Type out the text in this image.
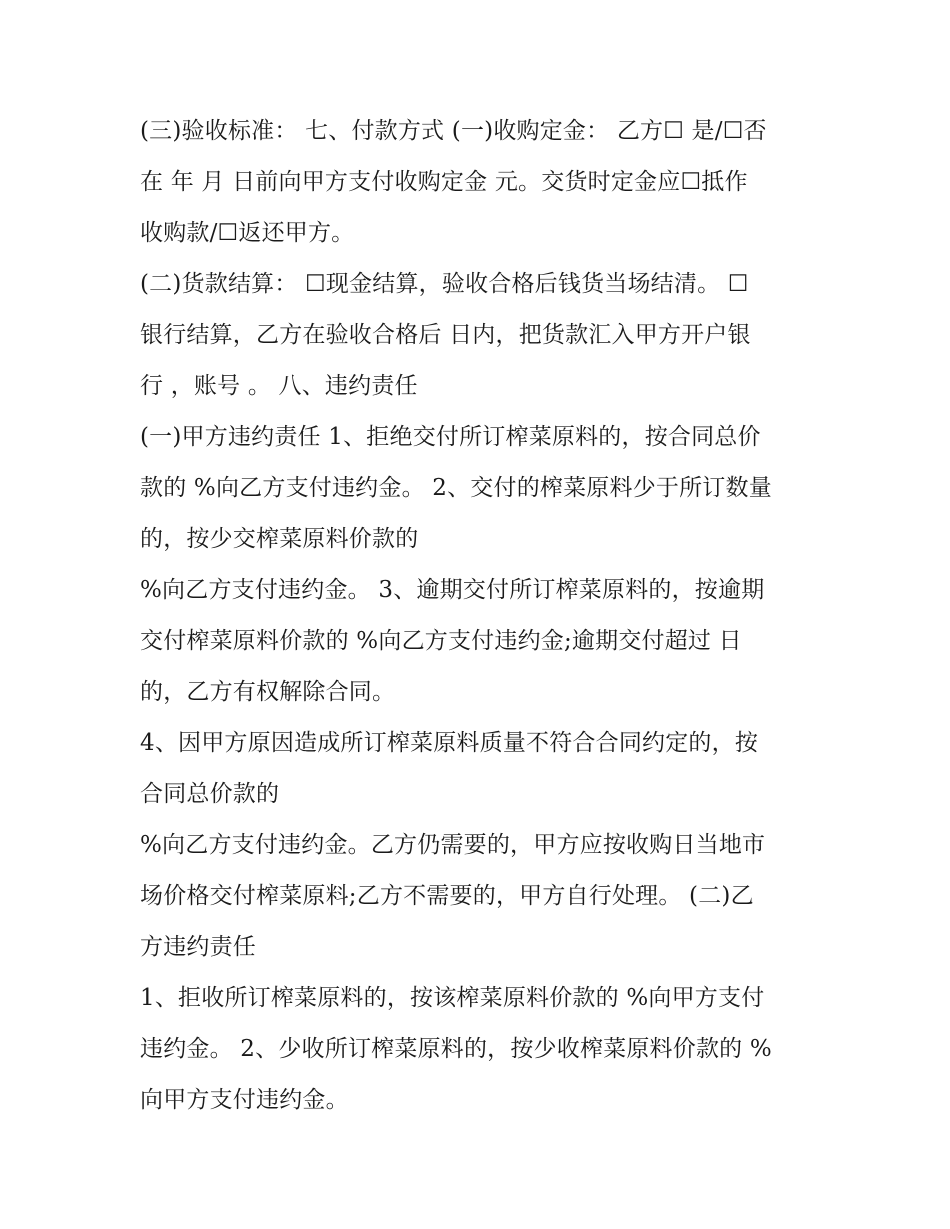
(三)验收标准： 七、付款方式 (一)收购定金： 乙方☐ 是/☐否
在 年 月 日前向甲方支付收购定金 元。交货时定金应☐抵作
收购款/☐返还甲方。
(二)货款结算： ☐现金结算，验收合格后钱货当场结清。 ☐
银行结算，乙方在验收合格后 日内，把货款汇入甲方开户银
行 ，账号 。 八、违约责任
(一)甲方违约责任 1、拒绝交付所订榨菜原料的，按合同总价
款的 %向乙方支付违约金。 2、交付的榨菜原料少于所订数量
的，按少交榨菜原料价款的
%向乙方支付违约金。 3、逾期交付所订榨菜原料的，按逾期
交付榨菜原料价款的 %向乙方支付违约金;逾期交付超过 日
的，乙方有权解除合同。
4、因甲方原因造成所订榨菜原料质量不符合合同约定的，按
合同总价款的
%向乙方支付违约金。乙方仍需要的，甲方应按收购日当地市
场价格交付榨菜原料;乙方不需要的，甲方自行处理。 (二)乙
方违约责任
1、拒收所订榨菜原料的，按该榨菜原料价款的 %向甲方支付
违约金。 2、少收所订榨菜原料的，按少收榨菜原料价款的 %
向甲方支付违约金。
